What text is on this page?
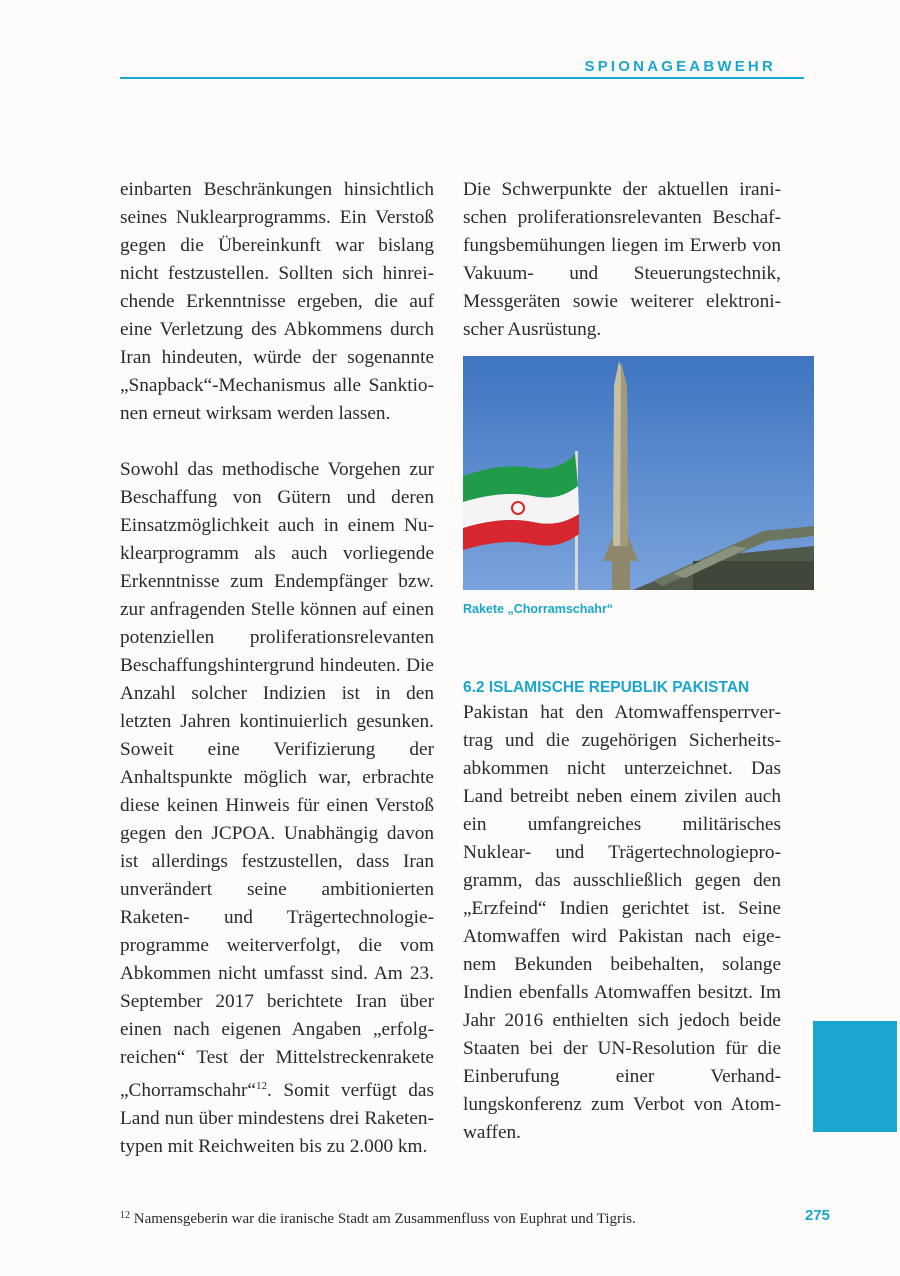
SPIONAGEABWEHR

einbarten Beschränkungen hinsichtlich seines Nuklearprogramms. Ein Verstoß gegen die Übereinkunft war bislang nicht festzustellen. Sollten sich hinreichende Erkenntnisse ergeben, die auf eine Verletzung des Abkommens durch Iran hindeuten, würde der sogenannte „Snapback“-Mechanismus alle Sanktionen erneut wirksam werden lassen.

Sowohl das methodische Vorgehen zur Beschaffung von Gütern und deren Einsatzmöglichkeit auch in einem Nuklearprogramm als auch vorliegende Erkenntnisse zum Endempfänger bzw. zur anfragenden Stelle können auf einen potenziellen proliferationsrelevanten Beschaffungshintergrund hindeuten. Die Anzahl solcher Indizien ist in den letzten Jahren kontinuierlich gesunken. Soweit eine Verifizierung der Anhaltspunkte möglich war, erbrachte diese keinen Hinweis für einen Verstoß gegen den JCPOA. Unabhängig davon ist allerdings festzustellen, dass Iran unverändert seine ambitionierten Raketen- und Trägertechnologieprogramme weiterverfolgt, die vom Abkommen nicht umfasst sind. Am 23. September 2017 berichtete Iran über einen nach eigenen Angaben „erfolgreichen“ Test der Mittelstreckenrakete „Chorramschahr“$^{12}$. Somit verfügt das Land nun über mindestens drei Raketentypen mit Reichweiten bis zu 2.000 km.

Die Schwerpunkte der aktuellen iranischen proliferationsrelevanten Beschaffungsbemühungen liegen im Erwerb von Vakuum- und Steuerungstechnik, Messgeräten sowie weiterer elektronischer Ausrüstung.

Rakete „Chorramschahr“
6.2 ISLAMISCHE REPUBLIK PAKISTAN

Pakistan hat den Atomwaffensperrvertrag und die zugehörigen Sicherheitsabkommen nicht unterzeichnet. Das Land betreibt neben einem zivilen auch ein umfangreiches militärisches Nuklear- und Trägertechnologieprogramm, das ausschließlich gegen den „Erzfeind“ Indien gerichtet ist. Seine Atomwaffen wird Pakistan nach eigenem Bekunden beibehalten, solange Indien ebenfalls Atomwaffen besitzt. Im Jahr 2016 enthielten sich jedoch beide Staaten bei der UN-Resolution für die Einberufung einer Verhandlungskonferenz zum Verbot von Atomwaffen.

$^{12}$ Namensgeberin war die iranische Stadt am Zusammenfluss von Euphrat und Tigris.	275
